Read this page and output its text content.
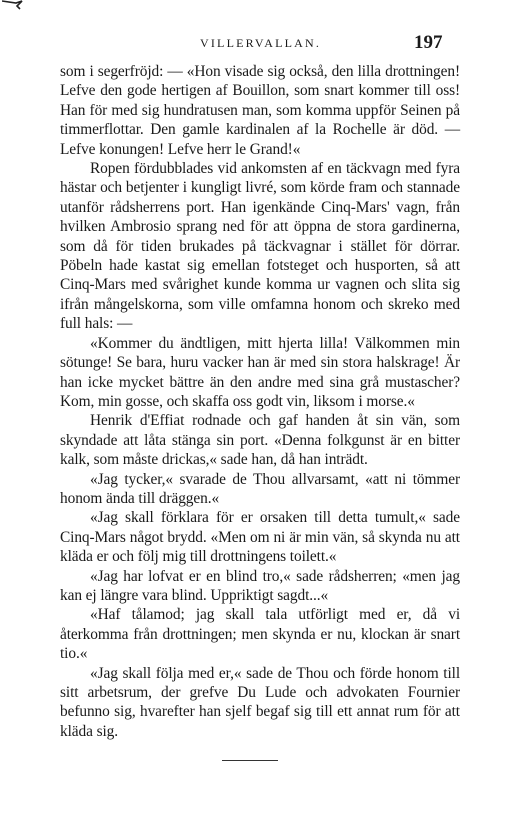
VILLERVALLAN.	197

som i segerfröjd: — «Hon visade sig också, den lilla drottningen! Lefve den gode hertigen af Bouillon, som snart kommer till oss! Han för med sig hundratusen man, som komma uppför Seinen på timmerflottar. Den gamle kardinalen af la Rochelle är död. — Lefve konungen! Lefve herr le Grand!«

Ropen fördubblades vid ankomsten af en täckvagn med fyra hästar och betjenter i kungligt livré, som körde fram och stannade utanför rådsherrens port. Han igenkände Cinq-Mars' vagn, från hvilken Ambrosio sprang ned för att öppna de stora gardinerna, som då för tiden brukades på täckvagnar i stället för dörrar. Pöbeln hade kastat sig emellan fotsteget och husporten, så att Cinq-Mars med svårighet kunde komma ur vagnen och slita sig ifrån mångelskorna, som ville omfamna honom och skreko med full hals: —

«Kommer du ändtligen, mitt hjerta lilla! Välkommen min sötunge! Se bara, huru vacker han är med sin stora halskrage! Är han icke mycket bättre än den andre med sina grå mustascher? Kom, min gosse, och skaffa oss godt vin, liksom i morse.«

Henrik d'Effiat rodnade och gaf handen åt sin vän, som skyndade att låta stänga sin port. «Denna folkgunst är en bitter kalk, som måste drickas,« sade han, då han inträdt.

«Jag tycker,« svarade de Thou allvarsamt, «att ni tömmer honom ända till dräggen.«

«Jag skall förklara för er orsaken till detta tumult,« sade Cinq-Mars något brydd. «Men om ni är min vän, så skynda nu att kläda er och följ mig till drottningens toilett.«

«Jag har lofvat er en blind tro,« sade rådsherren; «men jag kan ej längre vara blind. Uppriktigt sagdt...«

«Haf tålamod; jag skall tala utförligt med er, då vi återkomma från drottningen; men skynda er nu, klockan är snart tio.«

«Jag skall följa med er,« sade de Thou och förde honom till sitt arbetsrum, der grefve Du Lude och advokaten Fournier befunno sig, hvarefter han sjelf begaf sig till ett annat rum för att kläda sig.
